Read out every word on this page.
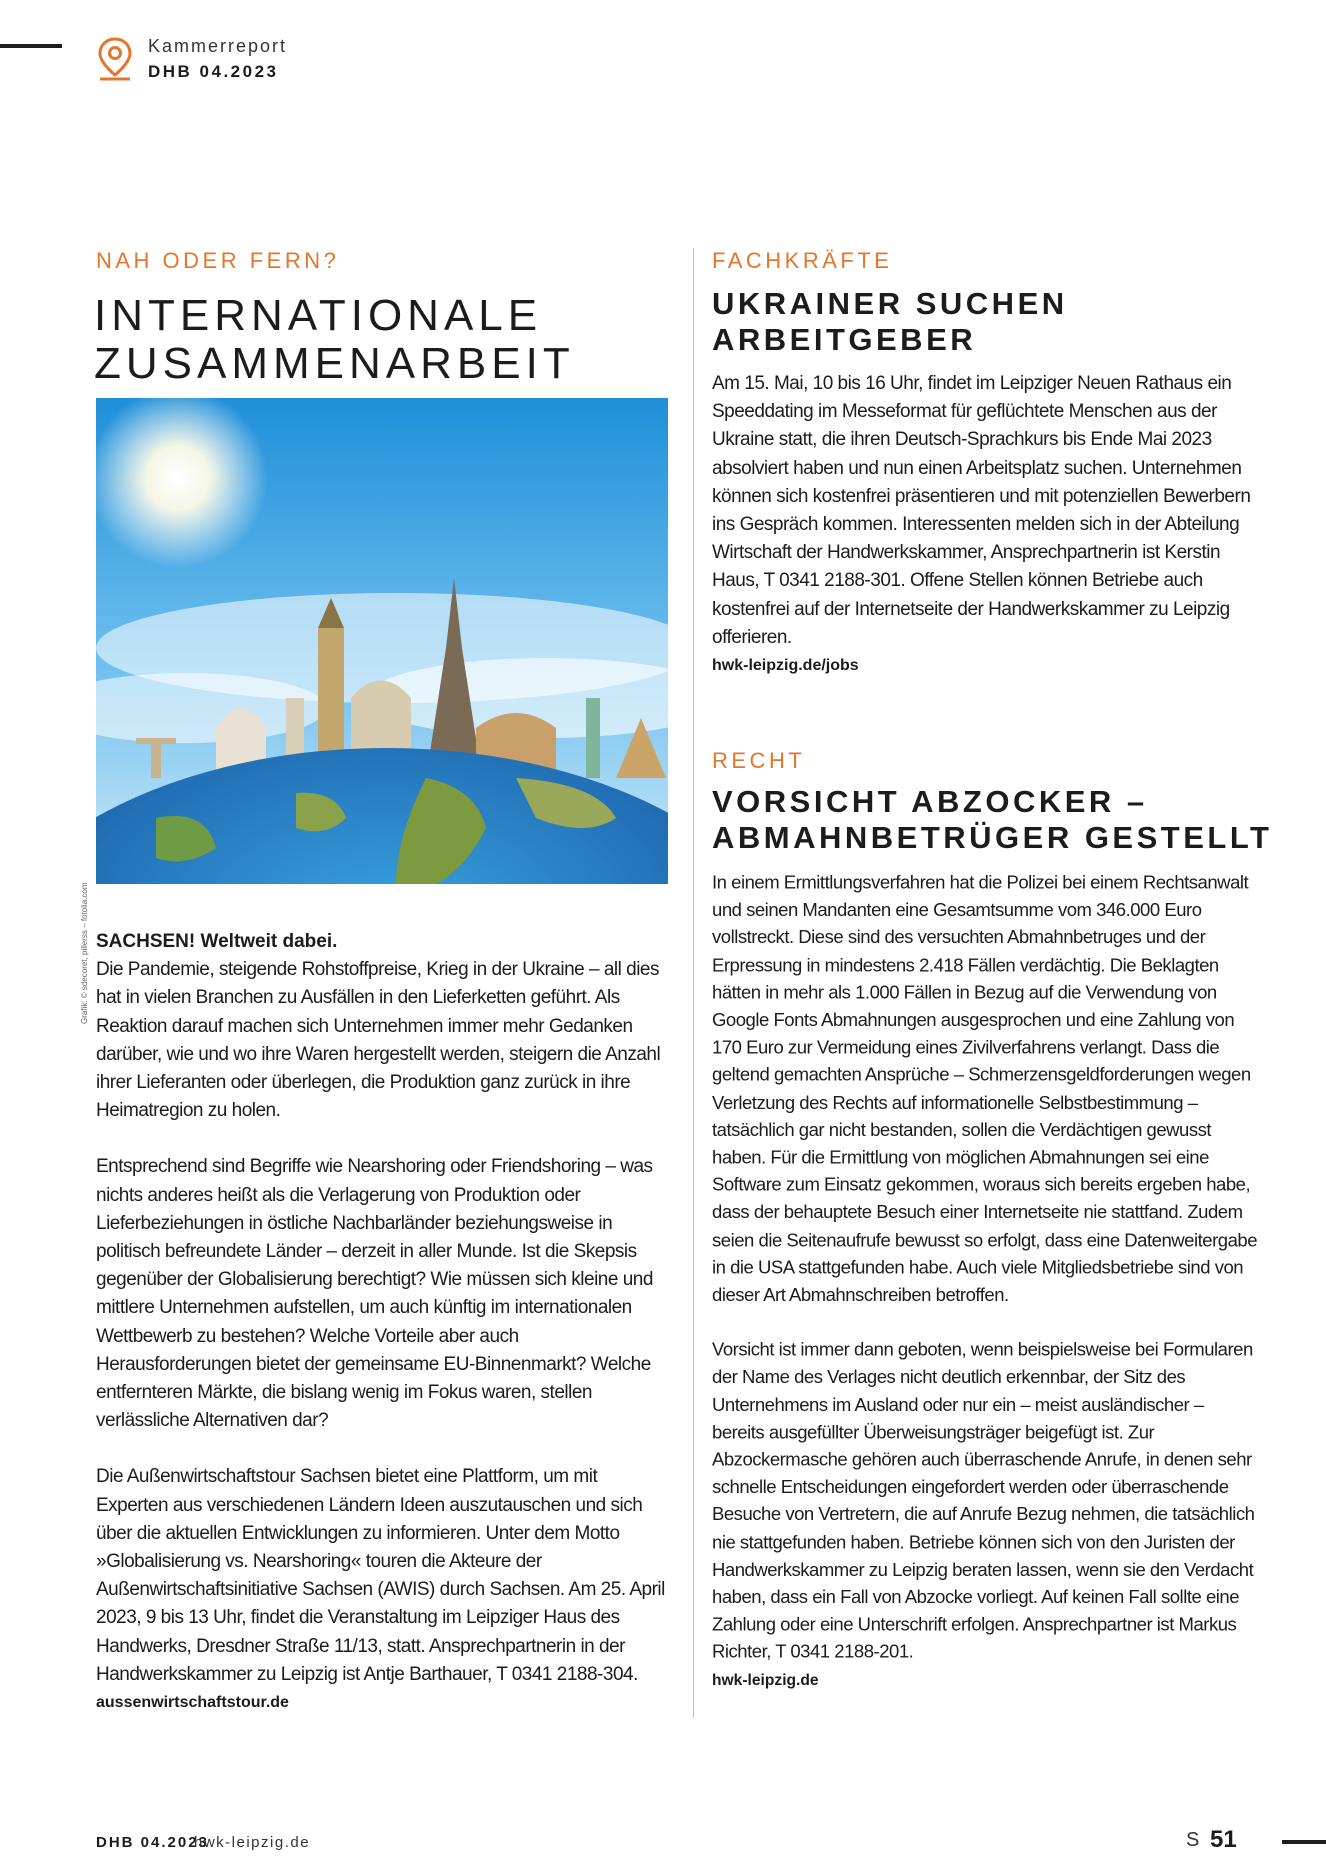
Kammerreport
DHB 04.2023
NAH ODER FERN?
INTERNATIONALE
ZUSAMMENARBEIT
Grafik: © sdecoret, pillerss – fotolia.com SACHSEN! Weltweit dabei.

Die Pandemie, steigende Rohstoffpreise, Krieg in der Ukraine – all dies hat in vielen Branchen zu Ausfällen in den Lieferketten geführt. Als Reaktion darauf machen sich Unternehmen immer mehr Gedanken darüber, wie und wo ihre Waren hergestellt werden, steigern die Anzahl ihrer Lieferanten oder überlegen, die Produktion ganz zurück in ihre Heimatregion zu holen.

Entsprechend sind Begriffe wie Nearshoring oder Friendshoring – was nichts anderes heißt als die Verlagerung von Produktion oder Lieferbeziehungen in östliche Nachbarländer beziehungsweise in politisch befreundete Länder – derzeit in aller Munde. Ist die Skepsis gegenüber der Globalisierung berechtigt? Wie müssen sich kleine und mittlere Unternehmen aufstellen, um auch künftig im internationalen Wettbewerb zu bestehen? Welche Vorteile aber auch Herausforderungen bietet der gemeinsame EU-Binnenmarkt? Welche entfernteren Märkte, die bislang wenig im Fokus waren, stellen verlässliche Alternativen dar?

Die Außenwirtschaftstour Sachsen bietet eine Plattform, um mit Experten aus verschiedenen Ländern Ideen auszutauschen und sich über die aktuellen Entwicklungen zu informieren. Unter dem Motto »Globalisierung vs. Nearshoring« touren die Akteure der Außenwirtschaftsinitiative Sachsen (AWIS) durch Sachsen. Am 25. April 2023, 9 bis 13 Uhr, findet die Veranstaltung im Leipziger Haus des Handwerks, Dresdner Straße 11/13, statt. Ansprechpartnerin in der Handwerkskammer zu Leipzig ist Antje Barthauer, T 0341 2188-304.

aussenwirtschaftstour.de

FACHKRÄFTE
UKRAINER SUCHEN
ARBEITGEBER

Am 15. Mai, 10 bis 16 Uhr, findet im Leipziger Neuen Rathaus ein Speeddating im Messeformat für geflüchtete Menschen aus der Ukraine statt, die ihren Deutsch-Sprachkurs bis Ende Mai 2023 absolviert haben und nun einen Arbeitsplatz suchen. Unternehmen können sich kostenfrei präsentieren und mit potenziellen Bewerbern ins Gespräch kommen. Interessenten melden sich in der Abteilung Wirtschaft der Handwerkskammer, Ansprechpartnerin ist Kerstin Haus, T 0341 2188-301. Offene Stellen können Betriebe auch kostenfrei auf der Internetseite der Handwerkskammer zu Leipzig offerieren.

hwk-leipzig.de/jobs

RECHT
VORSICHT ABZOCKER –
ABMAHNBETRÜGER GESTELLT

In einem Ermittlungsverfahren hat die Polizei bei einem Rechtsanwalt und seinen Mandanten eine Gesamtsumme vom 346.000 Euro vollstreckt. Diese sind des versuchten Abmahnbetruges und der Erpressung in mindestens 2.418 Fällen verdächtig. Die Beklagten hätten in mehr als 1.000 Fällen in Bezug auf die Verwendung von Google Fonts Abmahnungen ausgesprochen und eine Zahlung von 170 Euro zur Vermeidung eines Zivilverfahrens verlangt. Dass die geltend gemachten Ansprüche – Schmerzensgeldforderungen wegen Verletzung des Rechts auf informationelle Selbstbestimmung – tatsächlich gar nicht bestanden, sollen die Verdächtigen gewusst haben. Für die Ermittlung von möglichen Abmahnungen sei eine Software zum Einsatz gekommen, woraus sich bereits ergeben habe, dass der behauptete Besuch einer Internetseite nie stattfand. Zudem seien die Seitenaufrufe bewusst so erfolgt, dass eine Datenweitergabe in die USA stattgefunden habe. Auch viele Mitgliedsbetriebe sind von dieser Art Abmahnschreiben betroffen.

Vorsicht ist immer dann geboten, wenn beispielsweise bei Formularen der Name des Verlages nicht deutlich erkennbar, der Sitz des Unternehmens im Ausland oder nur ein – meist ausländischer – bereits ausgefüllter Überweisungsträger beigefügt ist. Zur Abzockermasche gehören auch überraschende Anrufe, in denen sehr schnelle Entscheidungen eingefordert werden oder überraschende Besuche von Vertretern, die auf Anrufe Bezug nehmen, die tatsächlich nie stattgefunden haben. Betriebe können sich von den Juristen der Handwerkskammer zu Leipzig beraten lassen, wenn sie den Verdacht haben, dass ein Fall von Abzocke vorliegt. Auf keinen Fall sollte eine Zahlung oder eine Unterschrift erfolgen. Ansprechpartner ist Markus Richter, T 0341 2188-201.

hwk-leipzig.de

DHB 04.2023
hwk-leipzig.de	S 51
